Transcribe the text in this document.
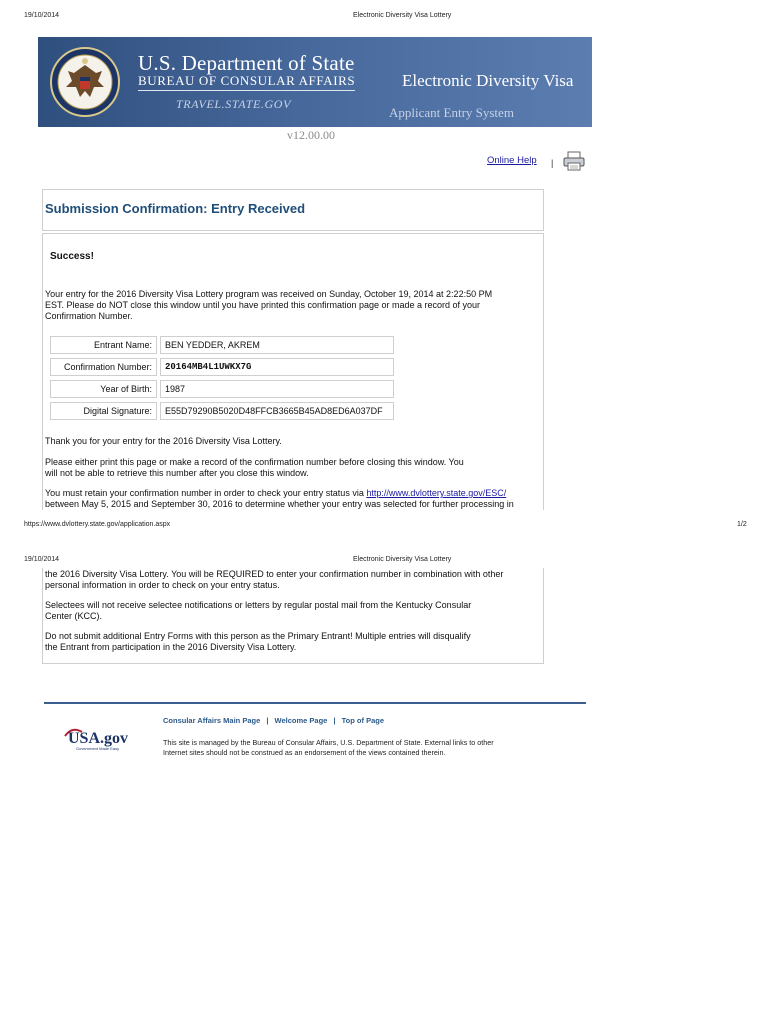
19/10/2014	Electronic Diversity Visa Lottery
U.S. Department of State
BUREAU OF CONSULAR AFFAIRS
TRAVEL.STATE.GOV
Electronic Diversity Visa
Applicant Entry System
v12.00.00
Online Help |
Submission Confirmation: Entry Received
Success!
Your entry for the 2016 Diversity Visa Lottery program was received on Sunday, October 19, 2014 at 2:22:50 PM
EST. Please do NOT close this window until you have printed this confirmation page or made a record of your
Confirmation Number.
Entrant Name:	BEN YEDDER, AKREM
Confirmation Number:	20164MB4L1UWKX7G
Year of Birth:	1987
Digital Signature:	E55D79290B5020D48FFCB3665B45AD8ED6A037DF
Thank you for your entry for the 2016 Diversity Visa Lottery.
Please either print this page or make a record of the confirmation number before closing this window. You
will not be able to retrieve this number after you close this window.
You must retain your confirmation number in order to check your entry status via http://www.dvlottery.state.gov/ESC/
between May 5, 2015 and September 30, 2016 to determine whether your entry was selected for further processing in
https://www.dvlottery.state.gov/application.aspx	1/2
19/10/2014	Electronic Diversity Visa Lottery
the 2016 Diversity Visa Lottery. You will be REQUIRED to enter your confirmation number in combination with other
personal information in order to check on your entry status.
Selectees will not receive selectee notifications or letters by regular postal mail from the Kentucky Consular
Center (KCC).
Do not submit additional Entry Forms with this person as the Primary Entrant! Multiple entries will disqualify
the Entrant from participation in the 2016 Diversity Visa Lottery.
Consular Affairs Main Page | Welcome Page | Top of Page
USA.gov
Government Made Easy
This site is managed by the Bureau of Consular Affairs, U.S. Department of State. External links to other
Internet sites should not be construed as an endorsement of the views contained therein.
